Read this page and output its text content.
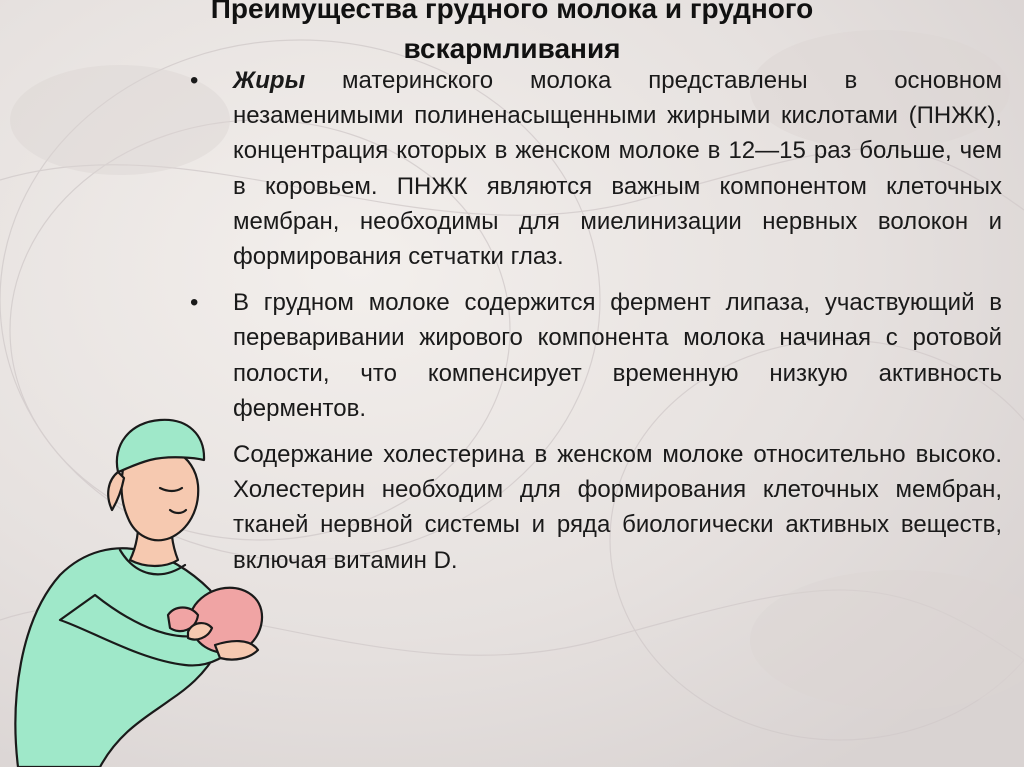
Преимущества грудного молока и грудного
вскармливания
• Жиры материнского молока представлены в основном незаменимыми полиненасыщенными жирными кислотами (ПНЖК), концентрация которых в женском молоке в 12—15 раз больше, чем в коровьем. ПНЖК являются важным компонентом клеточных мембран, необходимы для миелинизации нервных волокон и формирования сетчатки глаз.
• В грудном молоке содержится фермент липаза, участвующий в переваривании жирового компонента молока начиная с ротовой полости, что компенсирует временную низкую активность ферментов.
Содержание холестерина в женском молоке относительно высоко. Холестерин необходим для формирования клеточных мембран, тканей нервной системы и ряда биологически активных веществ, включая витамин D.
